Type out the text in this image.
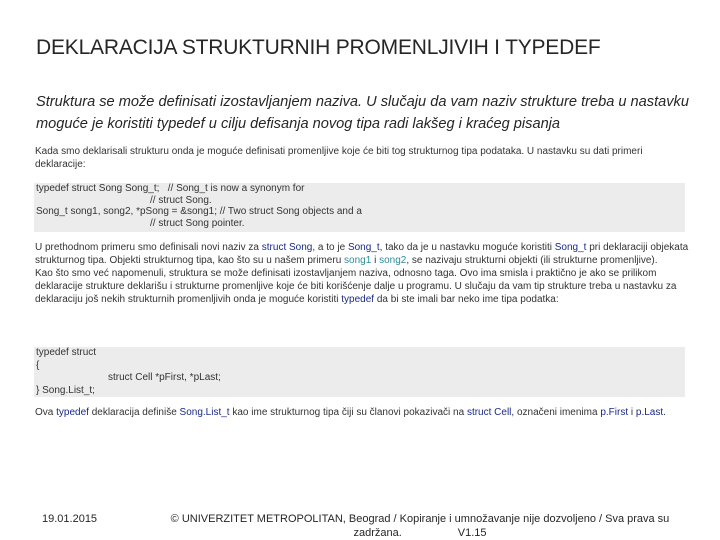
DEKLARACIJA STRUKTURNIH PROMENLJIVIH I TYPEDEF
Struktura se može definisati izostavljanjem naziva. U slučaju da vam naziv strukture treba u nastavku moguće je koristiti typedef u cilju defisanja novog tipa radi lakšeg i kraćeg pisanja
Kada smo deklarisali strukturu onda je moguće definisati promenljive koje će biti tog strukturnog tipa podataka. U nastavku su dati primeri deklaracije:
typedef struct Song Song_t;   // Song_t is now a synonym for
// struct Song.
Song_t song1, song2, *pSong = &song1; // Two struct Song objects and a
// struct Song pointer.
U prethodnom primeru smo definisali novi naziv za struct Song, a to je Song_t, tako da je u nastavku moguće koristiti Song_t pri deklaraciji objekata strukturnog tipa. Objekti strukturnog tipa, kao što su u našem primeru song1 i song2, se nazivaju strukturni objekti (ili strukturne promenljive).
Kao što smo već napomenuli, struktura se može definisati izostavljanjem naziva, odnosno taga. Ovo ima smisla i praktično je ako se prilikom deklaracije strukture deklarišu i strukturne promenljive koje će biti korišćenje dalje u programu. U slučaju da vam tip strukture treba u nastavku za deklaraciju još nekih strukturnih promenljivih onda je moguće koristiti typedef da bi ste imali bar neko ime tipa podatka:
typedef struct
{
struct Cell *pFirst, *pLast;
} Song.List_t;
Ova typedef deklaracija definiše Song.List_t kao ime strukturnog tipa čiji su članovi pokazivači na struct Cell, označeni imenima p.First i p.Last.
19.01.2015	© UNIVERZITET METROPOLITAN, Beograd / Kopiranje i umnožavanje nije dozvoljeno / Sva prava su
zadržana.	V1.15
